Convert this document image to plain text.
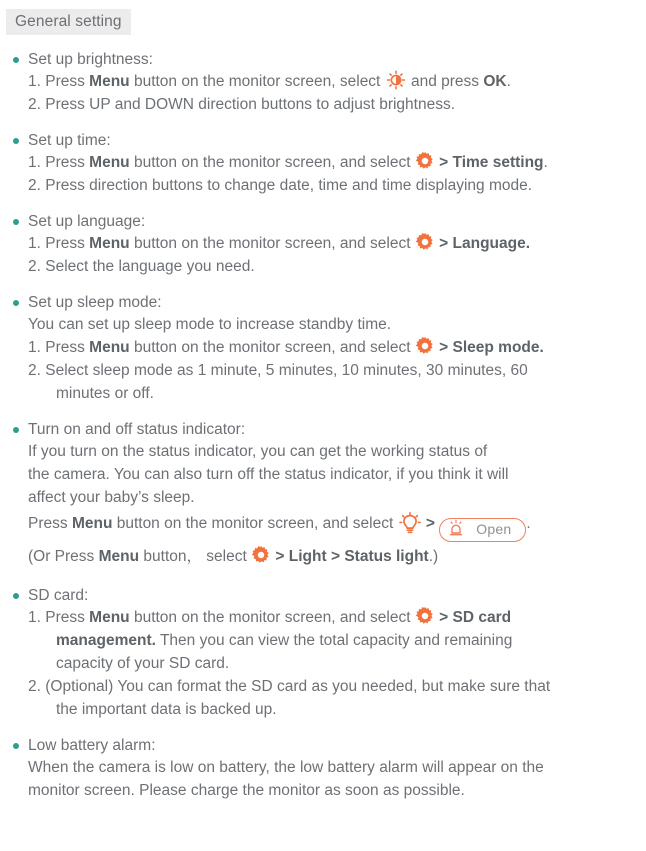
General setting
Set up brightness:
1. Press Menu button on the monitor screen, select
and press OK.
2. Press UP and DOWN direction buttons to adjust brightness.
Set up time:
1. Press Menu button on the monitor screen, and select
> Time setting.
2. Press direction buttons to change date, time and time displaying mode.
Set up language:
1. Press Menu button on the monitor screen, and select
> Language.
2. Select the language you need.
Set up sleep mode:
You can set up sleep mode to increase standby time.
1. Press Menu button on the monitor screen, and select
> Sleep mode.
2. Select sleep mode as 1 minute, 5 minutes, 10 minutes, 30 minutes, 60
minutes or off.
Turn on and off status indicator:
If you turn on the status indicator, you can get the working status of
the camera. You can also turn off the status indicator, if you think it will
affect your baby’s sleep.
Press Menu button on the monitor screen, and select
>	Open .
(Or Press Menu button， select
> Light > Status light.)
SD card:
1. Press Menu button on the monitor screen, and select
> SD card
management. Then you can view the total capacity and remaining
capacity of your SD card.
2. (Optional) You can format the SD card as you needed, but make sure that
the important data is backed up.
Low battery alarm:
When the camera is low on battery, the low battery alarm will appear on the
monitor screen. Please charge the monitor as soon as possible.
